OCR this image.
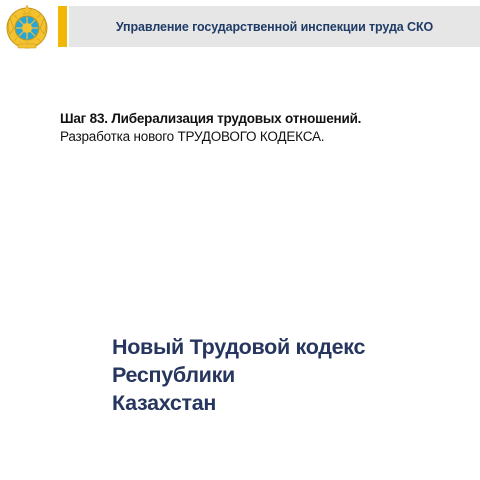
Управление государственной инспекции труда СКО
Шаг 83. Либерализация трудовых отношений.
Разработка нового ТРУДОВОГО КОДЕКСА.
Новый Трудовой кодекс Республики
Казахстан
